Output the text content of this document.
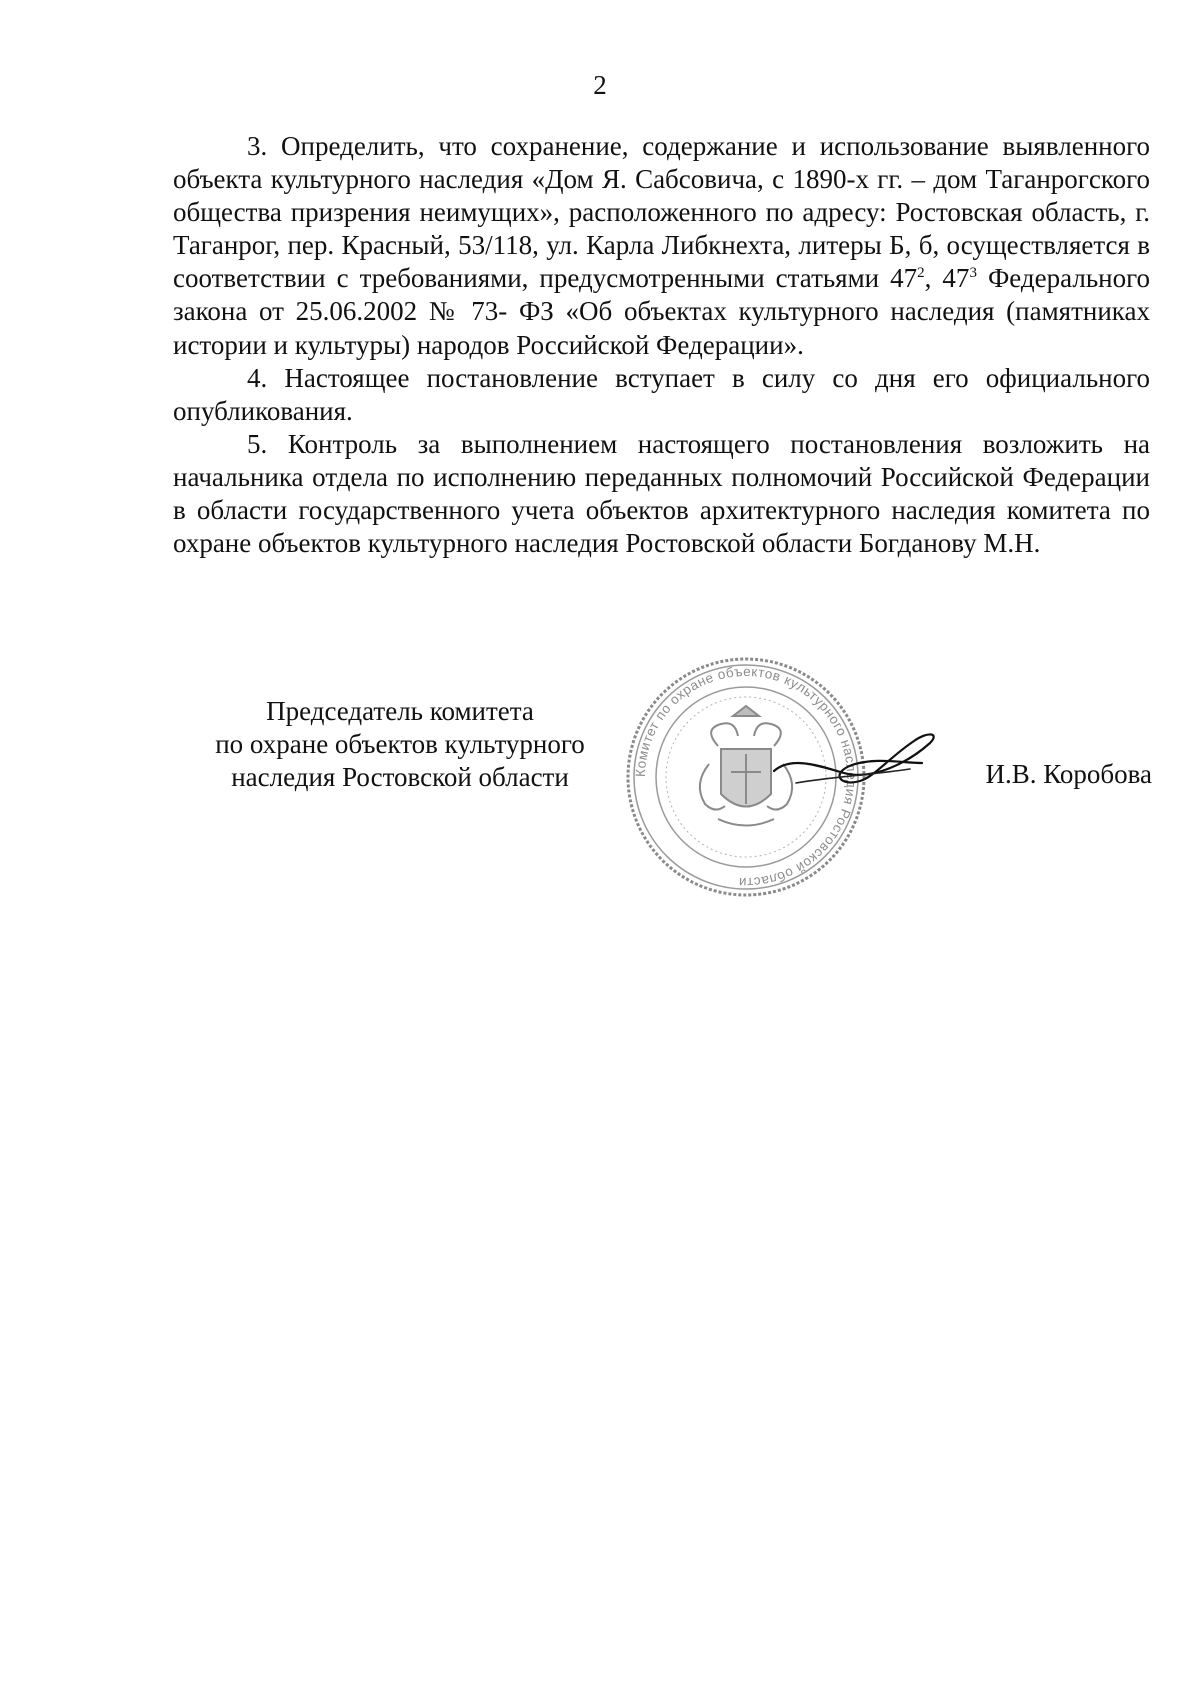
2

3. Определить, что сохранение, содержание и использование выявленного объекта культурного наследия «Дом Я. Сабсовича, с 1890-х гг. – дом Таганрогского общества призрения неимущих», расположенного по адресу: Ростовская область, г. Таганрог, пер. Красный, 53/118, ул. Карла Либкнехта, литеры Б, б, осуществляется в соответствии с требованиями, предусмотренными статьями $47^2$, $47^3$ Федерального закона от 25.06.2002 № 73- ФЗ «Об объектах культурного наследия (памятниках истории и культуры) народов Российской Федерации».

4. Настоящее постановление вступает в силу со дня его официального опубликования.

5. Контроль за выполнением настоящего постановления возложить на начальника отдела по исполнению переданных полномочий Российской Федерации в области государственного учета объектов архитектурного наследия комитета по охране объектов культурного наследия Ростовской области Богданову М.Н.

Председатель комитета
по охране объектов культурного
наследия Ростовской области	Комитет по охране объектов культурного наследия Ростовской области
И.В. Коробова
